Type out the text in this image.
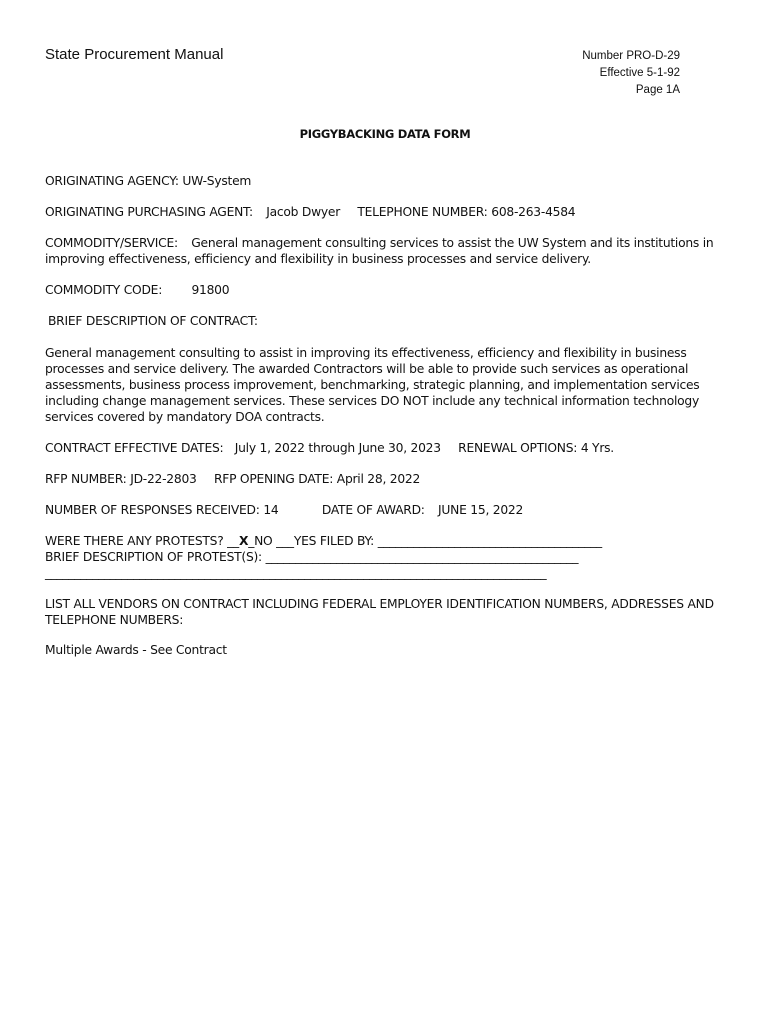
State Procurement Manual	Number PRO-D-29
Effective 5-1-92
Page 1A
PIGGYBACKING DATA FORM
ORIGINATING AGENCY: UW-System
ORIGINATING PURCHASING AGENT: Jacob Dwyer TELEPHONE NUMBER: 608-263-4584
COMMODITY/SERVICE: General management consulting services to assist the UW System and its institutions in
improving effectiveness, efficiency and flexibility in business processes and service delivery.
COMMODITY CODE: 91800
BRIEF DESCRIPTION OF CONTRACT:
General management consulting to assist in improving its effectiveness, efficiency and flexibility in business
processes and service delivery. The awarded Contractors will be able to provide such services as operational
assessments, business process improvement, benchmarking, strategic planning, and implementation services
including change management services. These services DO NOT include any technical information technology
services covered by mandatory DOA contracts.
CONTRACT EFFECTIVE DATES: July 1, 2022 through June 30, 2023 RENEWAL OPTIONS: 4 Yrs.
RFP NUMBER: JD-22-2803 RFP OPENING DATE: April 28, 2022
NUMBER OF RESPONSES RECEIVED: 14	DATE OF AWARD: JUNE 15, 2022
WERE THERE ANY PROTESTS? __X_NO ___YES FILED BY: ______________________________________
BRIEF DESCRIPTION OF PROTEST(S): _____________________________________________________
_____________________________________________________________________________________
LIST ALL VENDORS ON CONTRACT INCLUDING FEDERAL EMPLOYER IDENTIFICATION NUMBERS, ADDRESSES AND
TELEPHONE NUMBERS:
Multiple Awards - See Contract
